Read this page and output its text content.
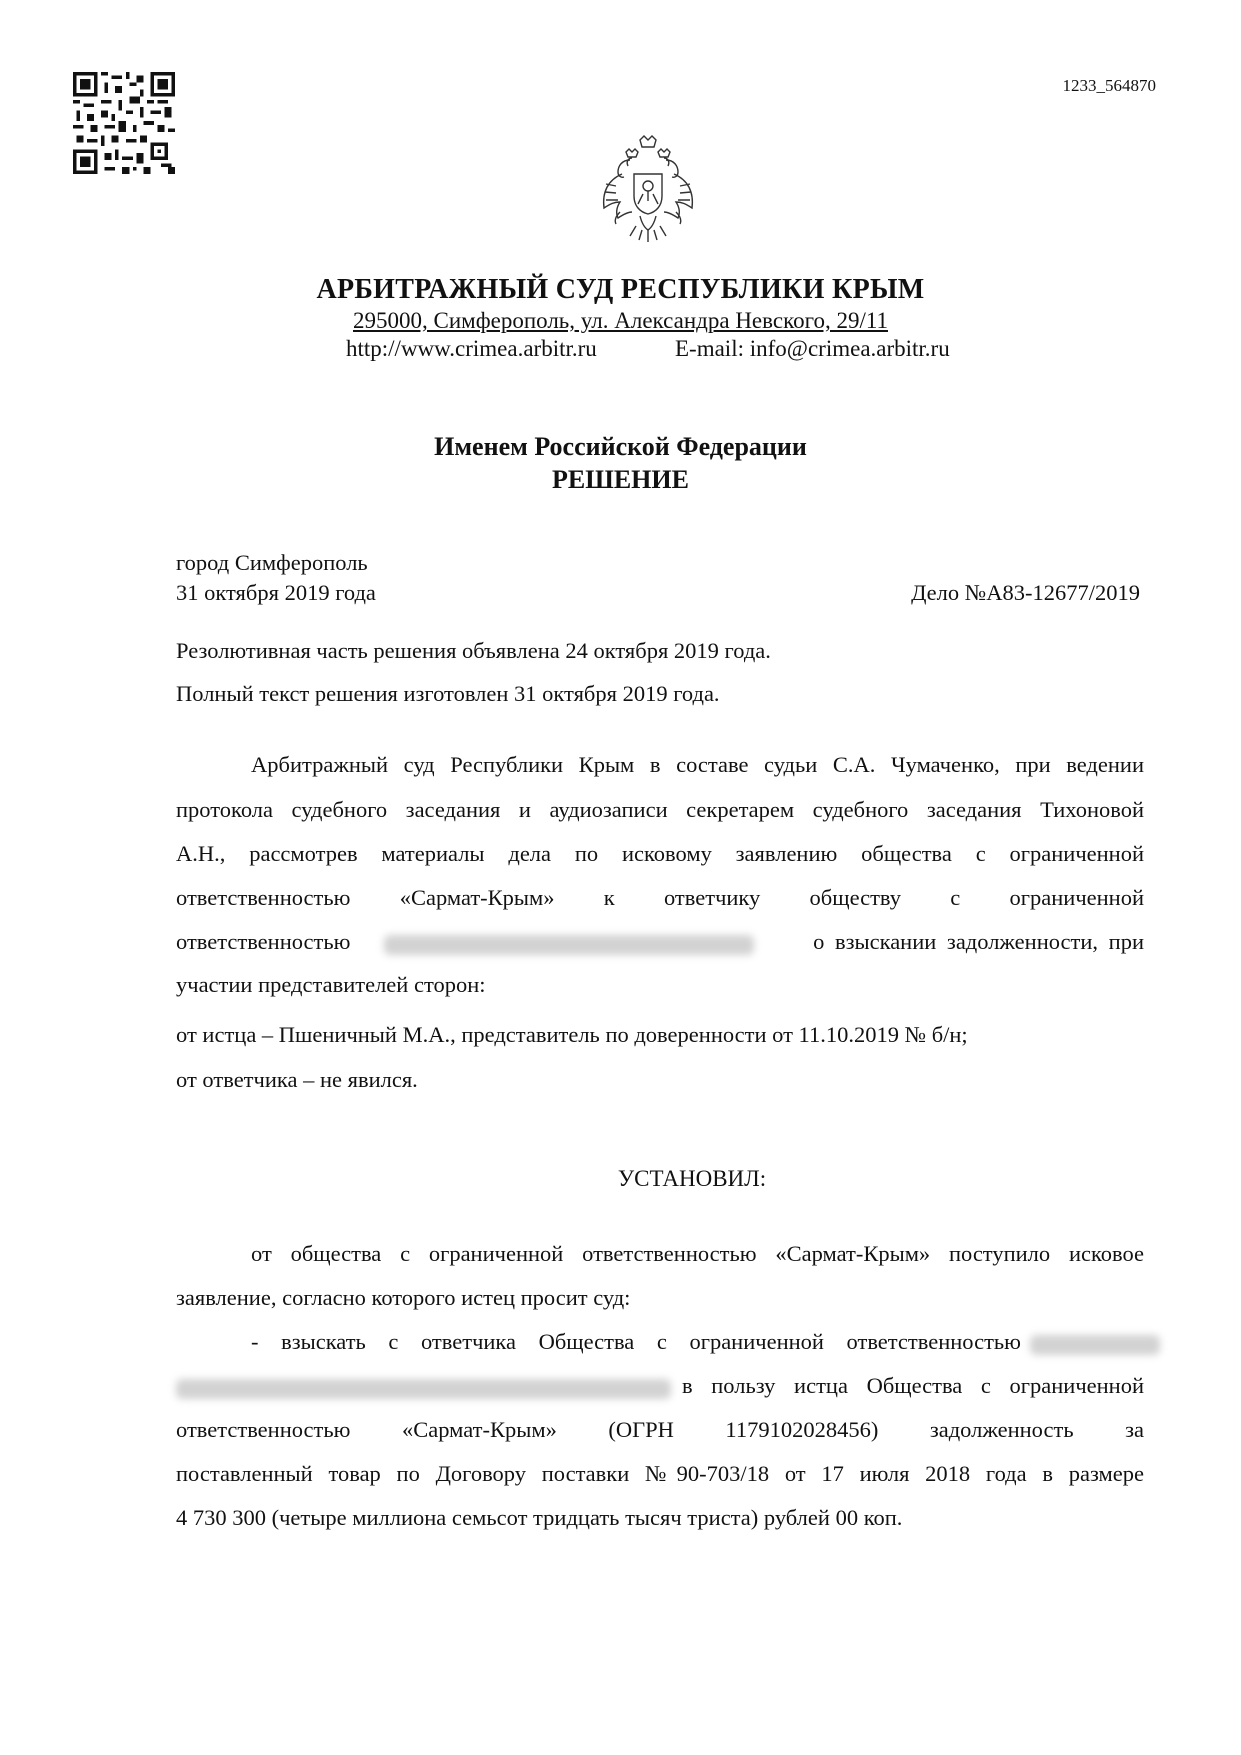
1233_564870
АРБИТРАЖНЫЙ СУД РЕСПУБЛИКИ КРЫМ
295000, Симферополь, ул. Александра Невского, 29/11
http://www.crimea.arbitr.ru	E-mail: info@crimea.arbitr.ru
Именем Российской Федерации
РЕШЕНИЕ
город Симферополь
31 октября 2019 года	Дело №А83-12677/2019
Резолютивная часть решения объявлена 24 октября 2019 года.
Полный текст решения изготовлен 31 октября 2019 года.
Арбитражный суд Республики Крым в составе судьи С.А. Чумаченко, при ведении
протокола судебного заседания и аудиозаписи секретарем судебного заседания Тихоновой
А.Н., рассмотрев материалы дела по исковому заявлению общества с ограниченной
ответственностью «Сармат-Крым» к ответчику обществу с ограниченной
ответственностью	о взыскании задолженности, при
участии представителей сторон:
от истца – Пшеничный М.А., представитель по доверенности от 11.10.2019 № б/н;
от ответчика – не явился.
УСТАНОВИЛ:
от общества с ограниченной ответственностью «Сармат-Крым» поступило исковое
заявление, согласно которого истец просит суд:
- взыскать с ответчика Общества с ограниченной ответственностью
в пользу истца Общества с ограниченной
ответственностью «Сармат-Крым» (ОГРН 1179102028456) задолженность за
поставленный товар по Договору поставки №90-703/18 от 17 июля 2018 года в размере
4 730 300 (четыре миллиона семьсот тридцать тысяч триста) рублей 00 коп.
